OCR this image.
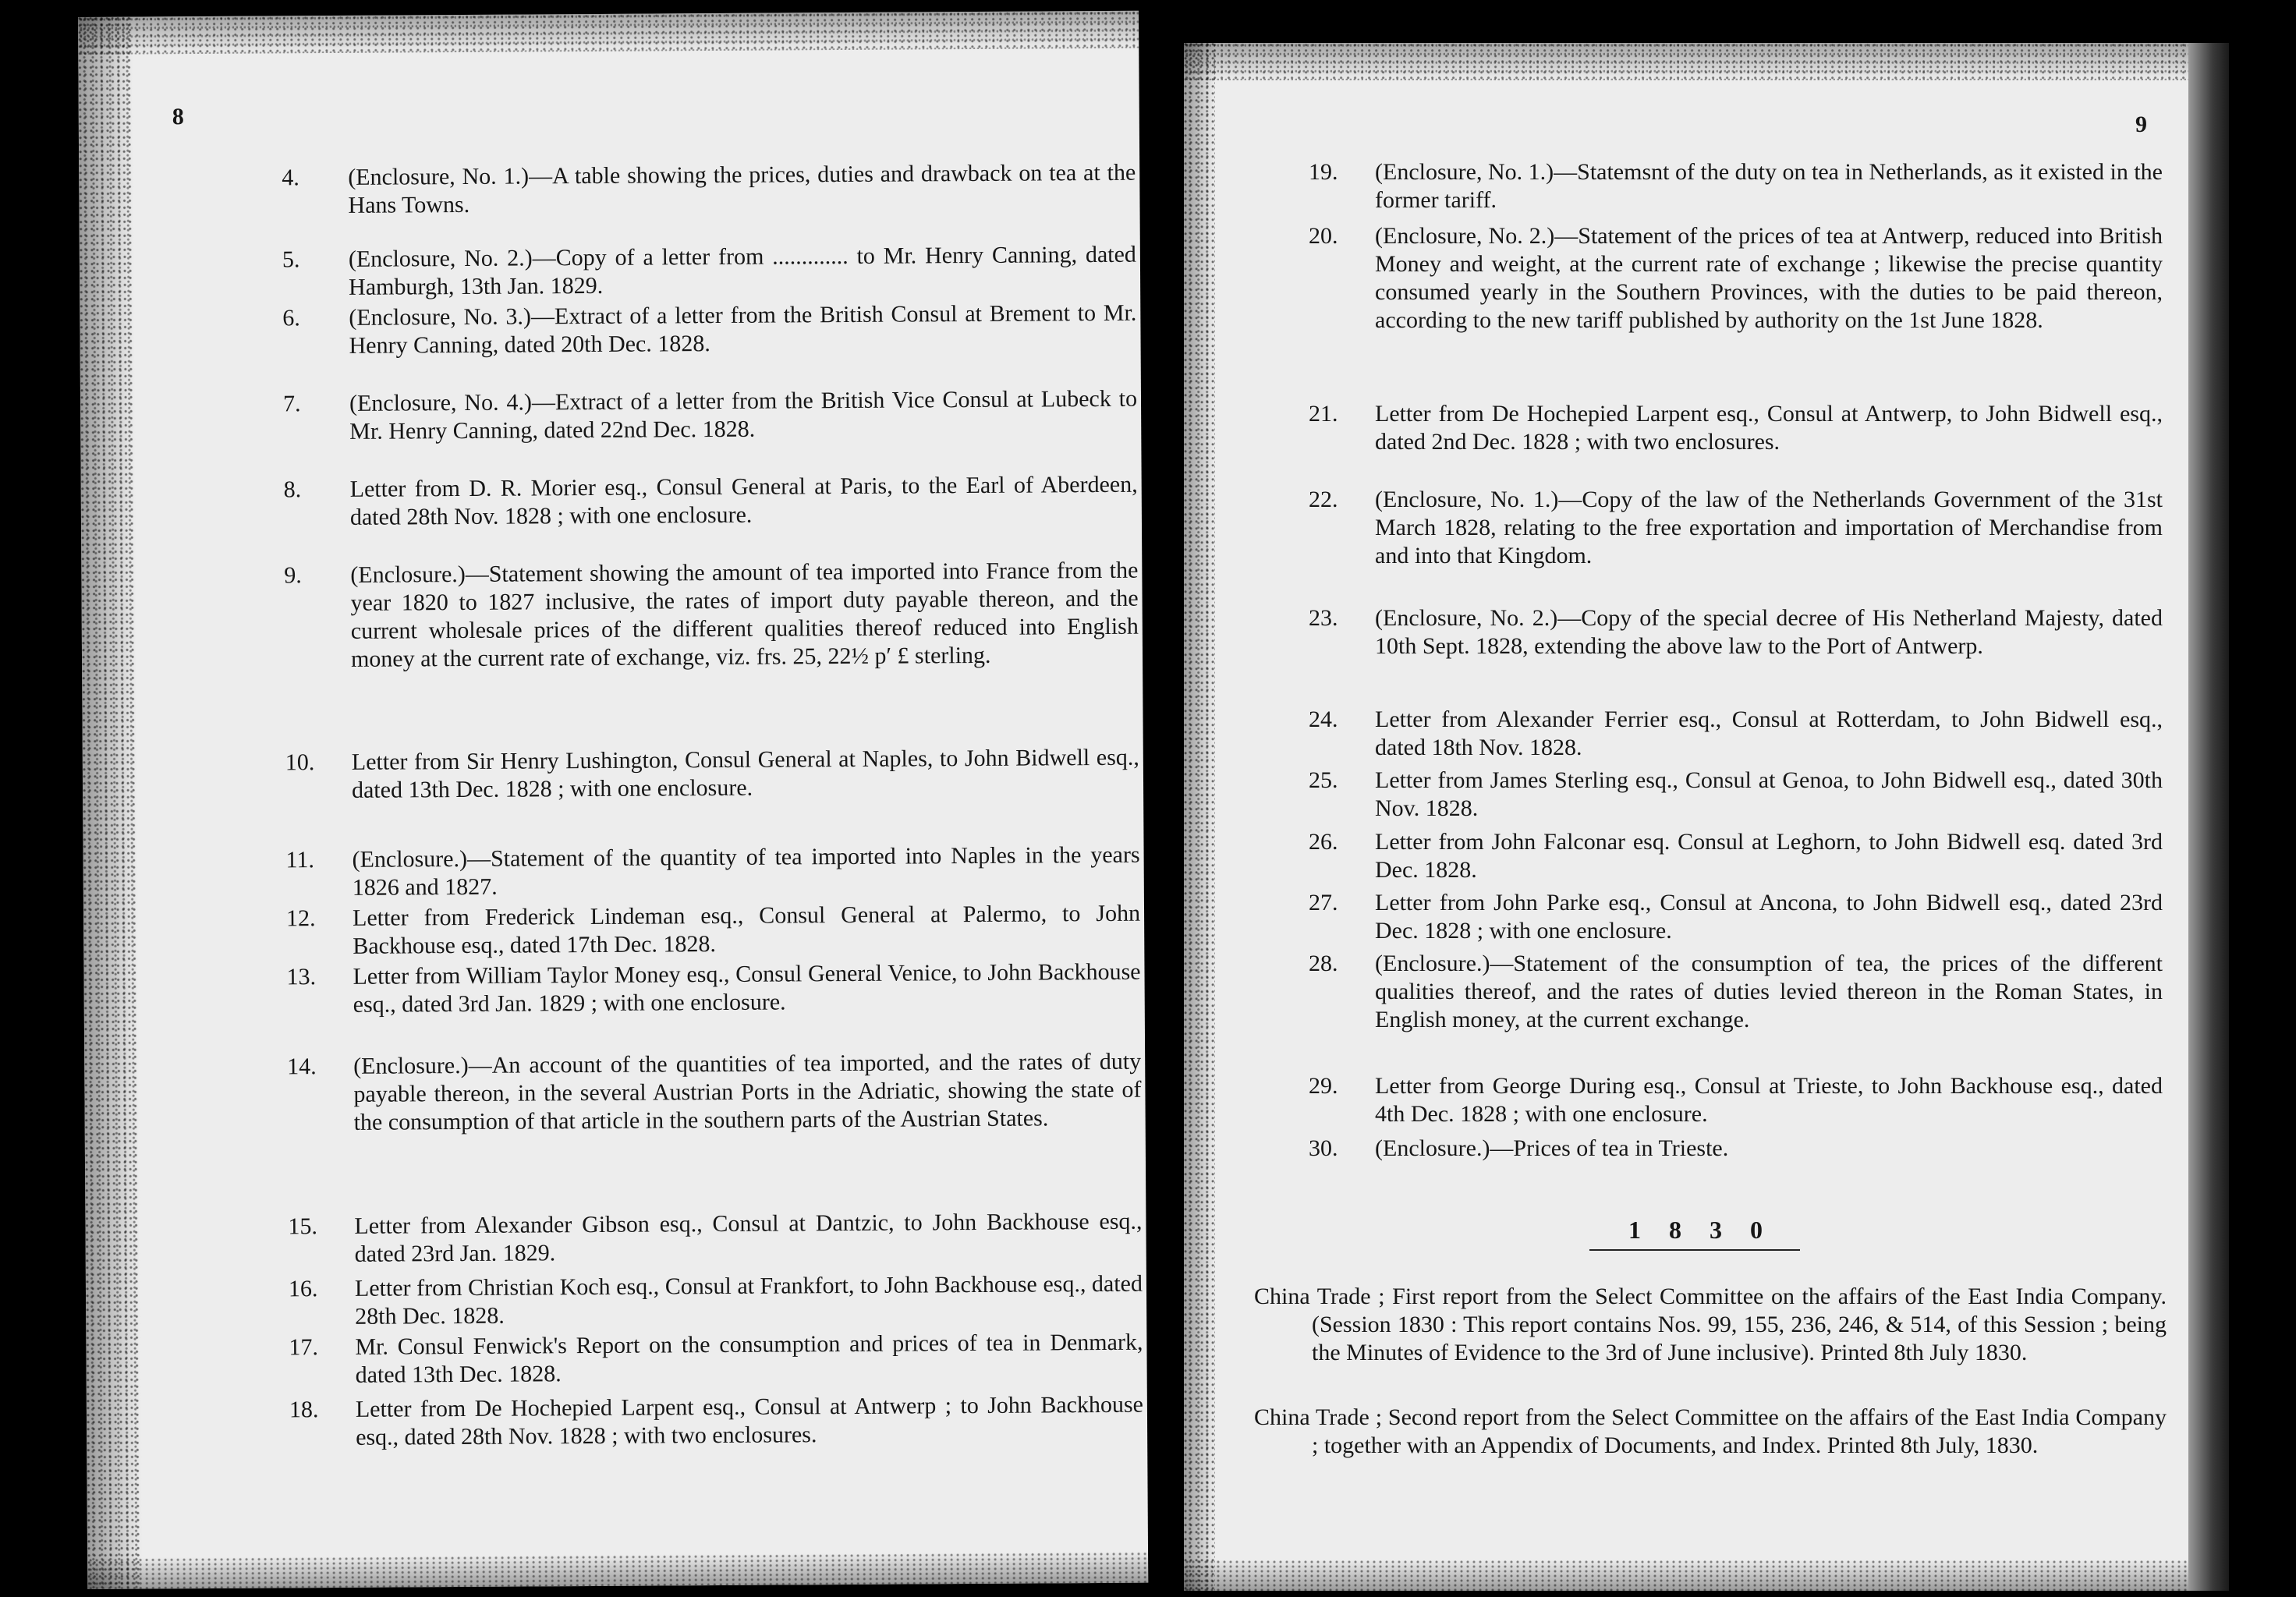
8
4.	(Enclosure, No. 1.)—A table showing the prices, duties and drawback on tea at the Hans Towns.
5.	(Enclosure, No. 2.)—Copy of a letter from ............. to Mr. Henry Canning, dated Hamburgh, 13th Jan. 1829.
6.	(Enclosure, No. 3.)—Extract of a letter from the British Consul at Brement to Mr. Henry Canning, dated 20th Dec. 1828.
7.	(Enclosure, No. 4.)—Extract of a letter from the British Vice Consul at Lubeck to Mr. Henry Canning, dated 22nd Dec. 1828.
8.	Letter from D. R. Morier esq., Consul General at Paris, to the Earl of Aberdeen, dated 28th Nov. 1828 ; with one enclosure.
9.	(Enclosure.)—Statement showing the amount of tea imported into France from the year 1820 to 1827 inclusive, the rates of import duty payable thereon, and the current wholesale prices of the different qualities thereof reduced into English money at the current rate of exchange, viz. frs. 25, 22½ p′ £ sterling.
10.	Letter from Sir Henry Lushington, Consul General at Naples, to John Bidwell esq., dated 13th Dec. 1828 ; with one enclosure.
11.	(Enclosure.)—Statement of the quantity of tea imported into Naples in the years 1826 and 1827.
12.	Letter from Frederick Lindeman esq., Consul General at Palermo, to John Backhouse esq., dated 17th Dec. 1828.
13.	Letter from William Taylor Money esq., Consul General Venice, to John Backhouse esq., dated 3rd Jan. 1829 ; with one enclosure.
14.	(Enclosure.)—An account of the quantities of tea imported, and the rates of duty payable thereon, in the several Austrian Ports in the Adriatic, showing the state of the consumption of that article in the southern parts of the Austrian States.
15.	Letter from Alexander Gibson esq., Consul at Dantzic, to John Backhouse esq., dated 23rd Jan. 1829.
16.	Letter from Christian Koch esq., Consul at Frankfort, to John Backhouse esq., dated 28th Dec. 1828.
17.	Mr. Consul Fenwick's Report on the consumption and prices of tea in Denmark, dated 13th Dec. 1828.
18.	Letter from De Hochepied Larpent esq., Consul at Antwerp ; to John Backhouse esq., dated 28th Nov. 1828 ; with two enclosures.
9
19.	(Enclosure, No. 1.)—Statemsnt of the duty on tea in Netherlands, as it existed in the former tariff.
20.	(Enclosure, No. 2.)—Statement of the prices of tea at Antwerp, reduced into British Money and weight, at the current rate of exchange ; likewise the precise quantity consumed yearly in the Southern Provinces, with the duties to be paid thereon, according to the new tariff published by authority on the 1st June 1828.
21.	Letter from De Hochepied Larpent esq., Consul at Antwerp, to John Bidwell esq., dated 2nd Dec. 1828 ; with two enclosures.
22.	(Enclosure, No. 1.)—Copy of the law of the Netherlands Government of the 31st March 1828, relating to the free exportation and importation of Merchandise from and into that Kingdom.
23.	(Enclosure, No. 2.)—Copy of the special decree of His Netherland Majesty, dated 10th Sept. 1828, extending the above law to the Port of Antwerp.
24.	Letter from Alexander Ferrier esq., Consul at Rotterdam, to John Bidwell esq., dated 18th Nov. 1828.
25.	Letter from James Sterling esq., Consul at Genoa, to John Bidwell esq., dated 30th Nov. 1828.
26.	Letter from John Falconar esq. Consul at Leghorn, to John Bidwell esq. dated 3rd Dec. 1828.
27.	Letter from John Parke esq., Consul at Ancona, to John Bidwell esq., dated 23rd Dec. 1828 ; with one enclosure.
28.	(Enclosure.)—Statement of the consumption of tea, the prices of the different qualities thereof, and the rates of duties levied thereon in the Roman States, in English money, at the current exchange.
29.	Letter from George During esq., Consul at Trieste, to John Backhouse esq., dated 4th Dec. 1828 ; with one enclosure.
30.	(Enclosure.)—Prices of tea in Trieste.
1830
China Trade ; First report from the Select Committee on the affairs of the East India Company. (Session 1830 : This report contains Nos. 99, 155, 236, 246, & 514, of this Session ; being the Minutes of Evidence to the 3rd of June inclusive). Printed 8th July 1830.
China Trade ; Second report from the Select Committee on the affairs of the East India Company ; together with an Appendix of Documents, and Index. Printed 8th July, 1830.
